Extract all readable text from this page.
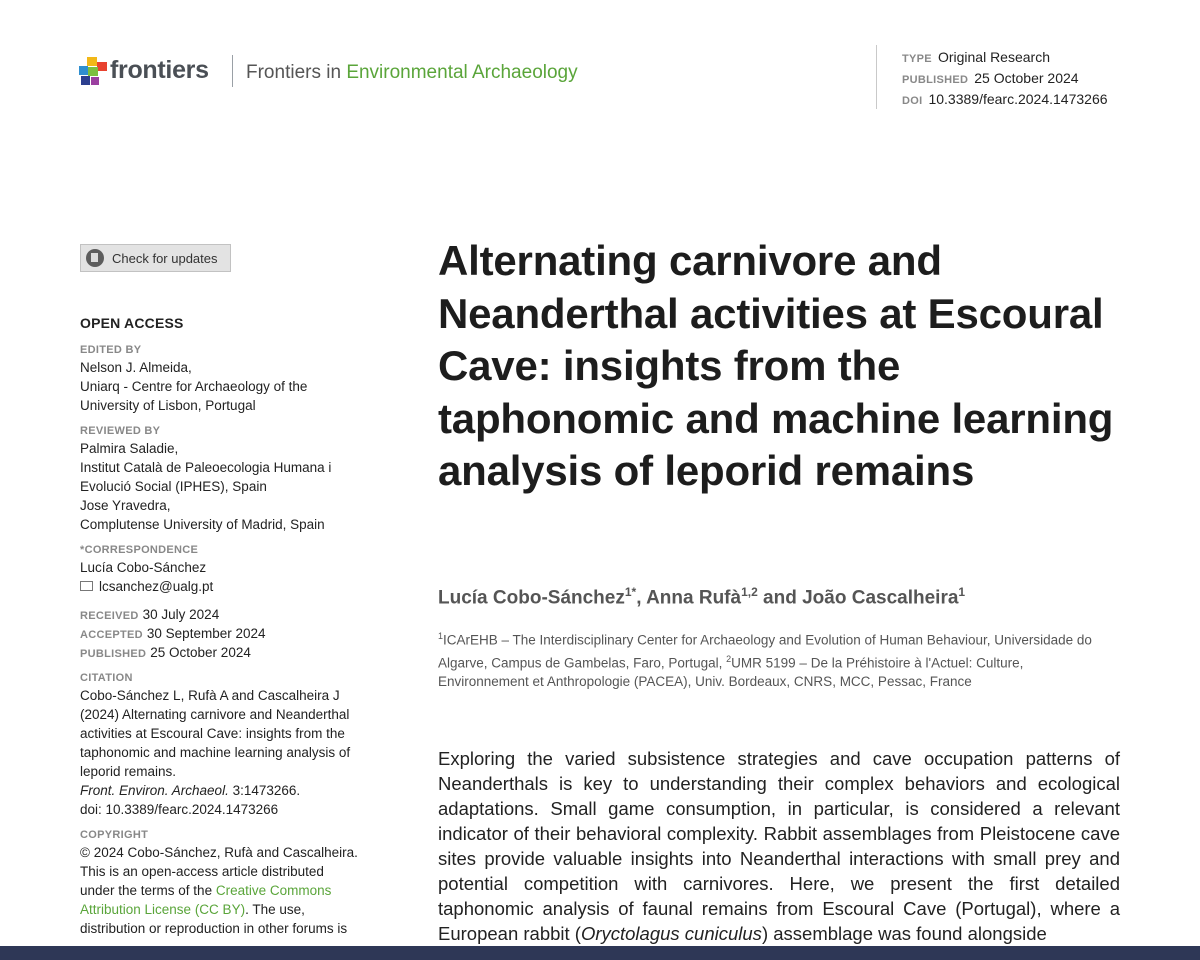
frontiers Frontiers in Environmental Archaeology
TYPE Original Research
PUBLISHED 25 October 2024
DOI 10.3389/fearc.2024.1473266
Check for updates
OPEN ACCESS
EDITED BY
Nelson J. Almeida,
Uniarq - Centre for Archaeology of the
University of Lisbon, Portugal
REVIEWED BY
Palmira Saladie,
Institut Català de Paleoecologia Humana i
Evolució Social (IPHES), Spain
Jose Yravedra,
Complutense University of Madrid, Spain
*CORRESPONDENCE
Lucía Cobo-Sánchez
lcsanchez@ualg.pt
RECEIVED 30 July 2024
ACCEPTED 30 September 2024
PUBLISHED 25 October 2024
CITATION
Cobo-Sánchez L, Rufà A and Cascalheira J
(2024) Alternating carnivore and Neanderthal
activities at Escoural Cave: insights from the
taphonomic and machine learning analysis of
leporid remains.
Front. Environ. Archaeol. 3:1473266.
doi: 10.3389/fearc.2024.1473266
COPYRIGHT
© 2024 Cobo-Sánchez, Rufà and Cascalheira.
This is an open-access article distributed
under the terms of the Creative Commons
Attribution License (CC BY). The use,
distribution or reproduction in other forums is
Alternating carnivore and Neanderthal activities at Escoural Cave: insights from the taphonomic and machine learning analysis of leporid remains
Lucía Cobo-Sánchez$^{1*}$, Anna Rufà$^{1,2}$ and João Cascalheira$^1$
$^1$ICArEHB – The Interdisciplinary Center for Archaeology and Evolution of Human Behaviour, Universidade do Algarve, Campus de Gambelas, Faro, Portugal, $^2$UMR 5199 – De la Préhistoire à l'Actuel: Culture, Environnement et Anthropologie (PACEA), Univ. Bordeaux, CNRS, MCC, Pessac, France
Exploring the varied subsistence strategies and cave occupation patterns of Neanderthals is key to understanding their complex behaviors and ecological adaptations. Small game consumption, in particular, is considered a relevant indicator of their behavioral complexity. Rabbit assemblages from Pleistocene cave sites provide valuable insights into Neanderthal interactions with small prey and potential competition with carnivores. Here, we present the first detailed taphonomic analysis of faunal remains from Escoural Cave (Portugal), where a European rabbit (Oryctolagus cuniculus) assemblage was found alongside
